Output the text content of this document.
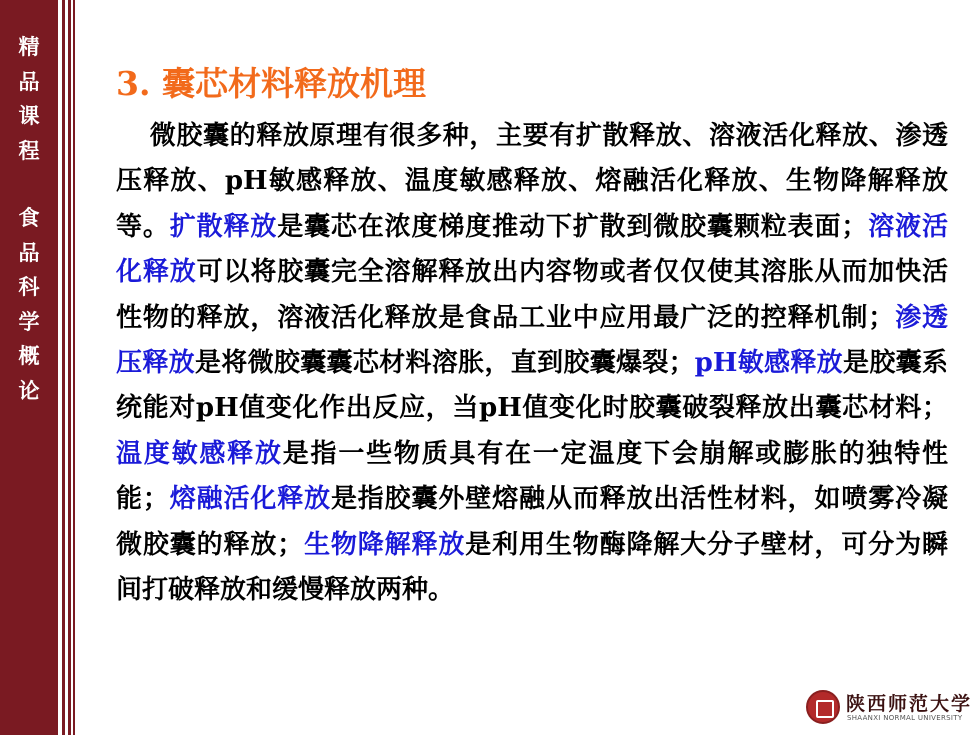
精
品
课
程
食
品
科
学
概
论
3. 囊芯材料释放机理

微胶囊的释放原理有很多种，主要有扩散释放、溶液活化释放、渗透压释放、pH敏感释放、温度敏感释放、熔融活化释放、生物降解释放等。扩散释放是囊芯在浓度梯度推动下扩散到微胶囊颗粒表面；溶液活化释放可以将胶囊完全溶解释放出内容物或者仅仅使其溶胀从而加快活性物的释放，溶液活化释放是食品工业中应用最广泛的控释机制；渗透压释放是将微胶囊囊芯材料溶胀，直到胶囊爆裂；pH敏感释放是胶囊系统能对pH值变化作出反应，当pH值变化时胶囊破裂释放出囊芯材料；温度敏感释放是指一些物质具有在一定温度下会崩解或膨胀的独特性能；熔融活化释放是指胶囊外壁熔融从而释放出活性材料，如喷雾冷凝微胶囊的释放；生物降解释放是利用生物酶降解大分子壁材，可分为瞬间打破释放和缓慢释放两种。

陕西师范大学
SHAANXI NORMAL UNIVERSITY
